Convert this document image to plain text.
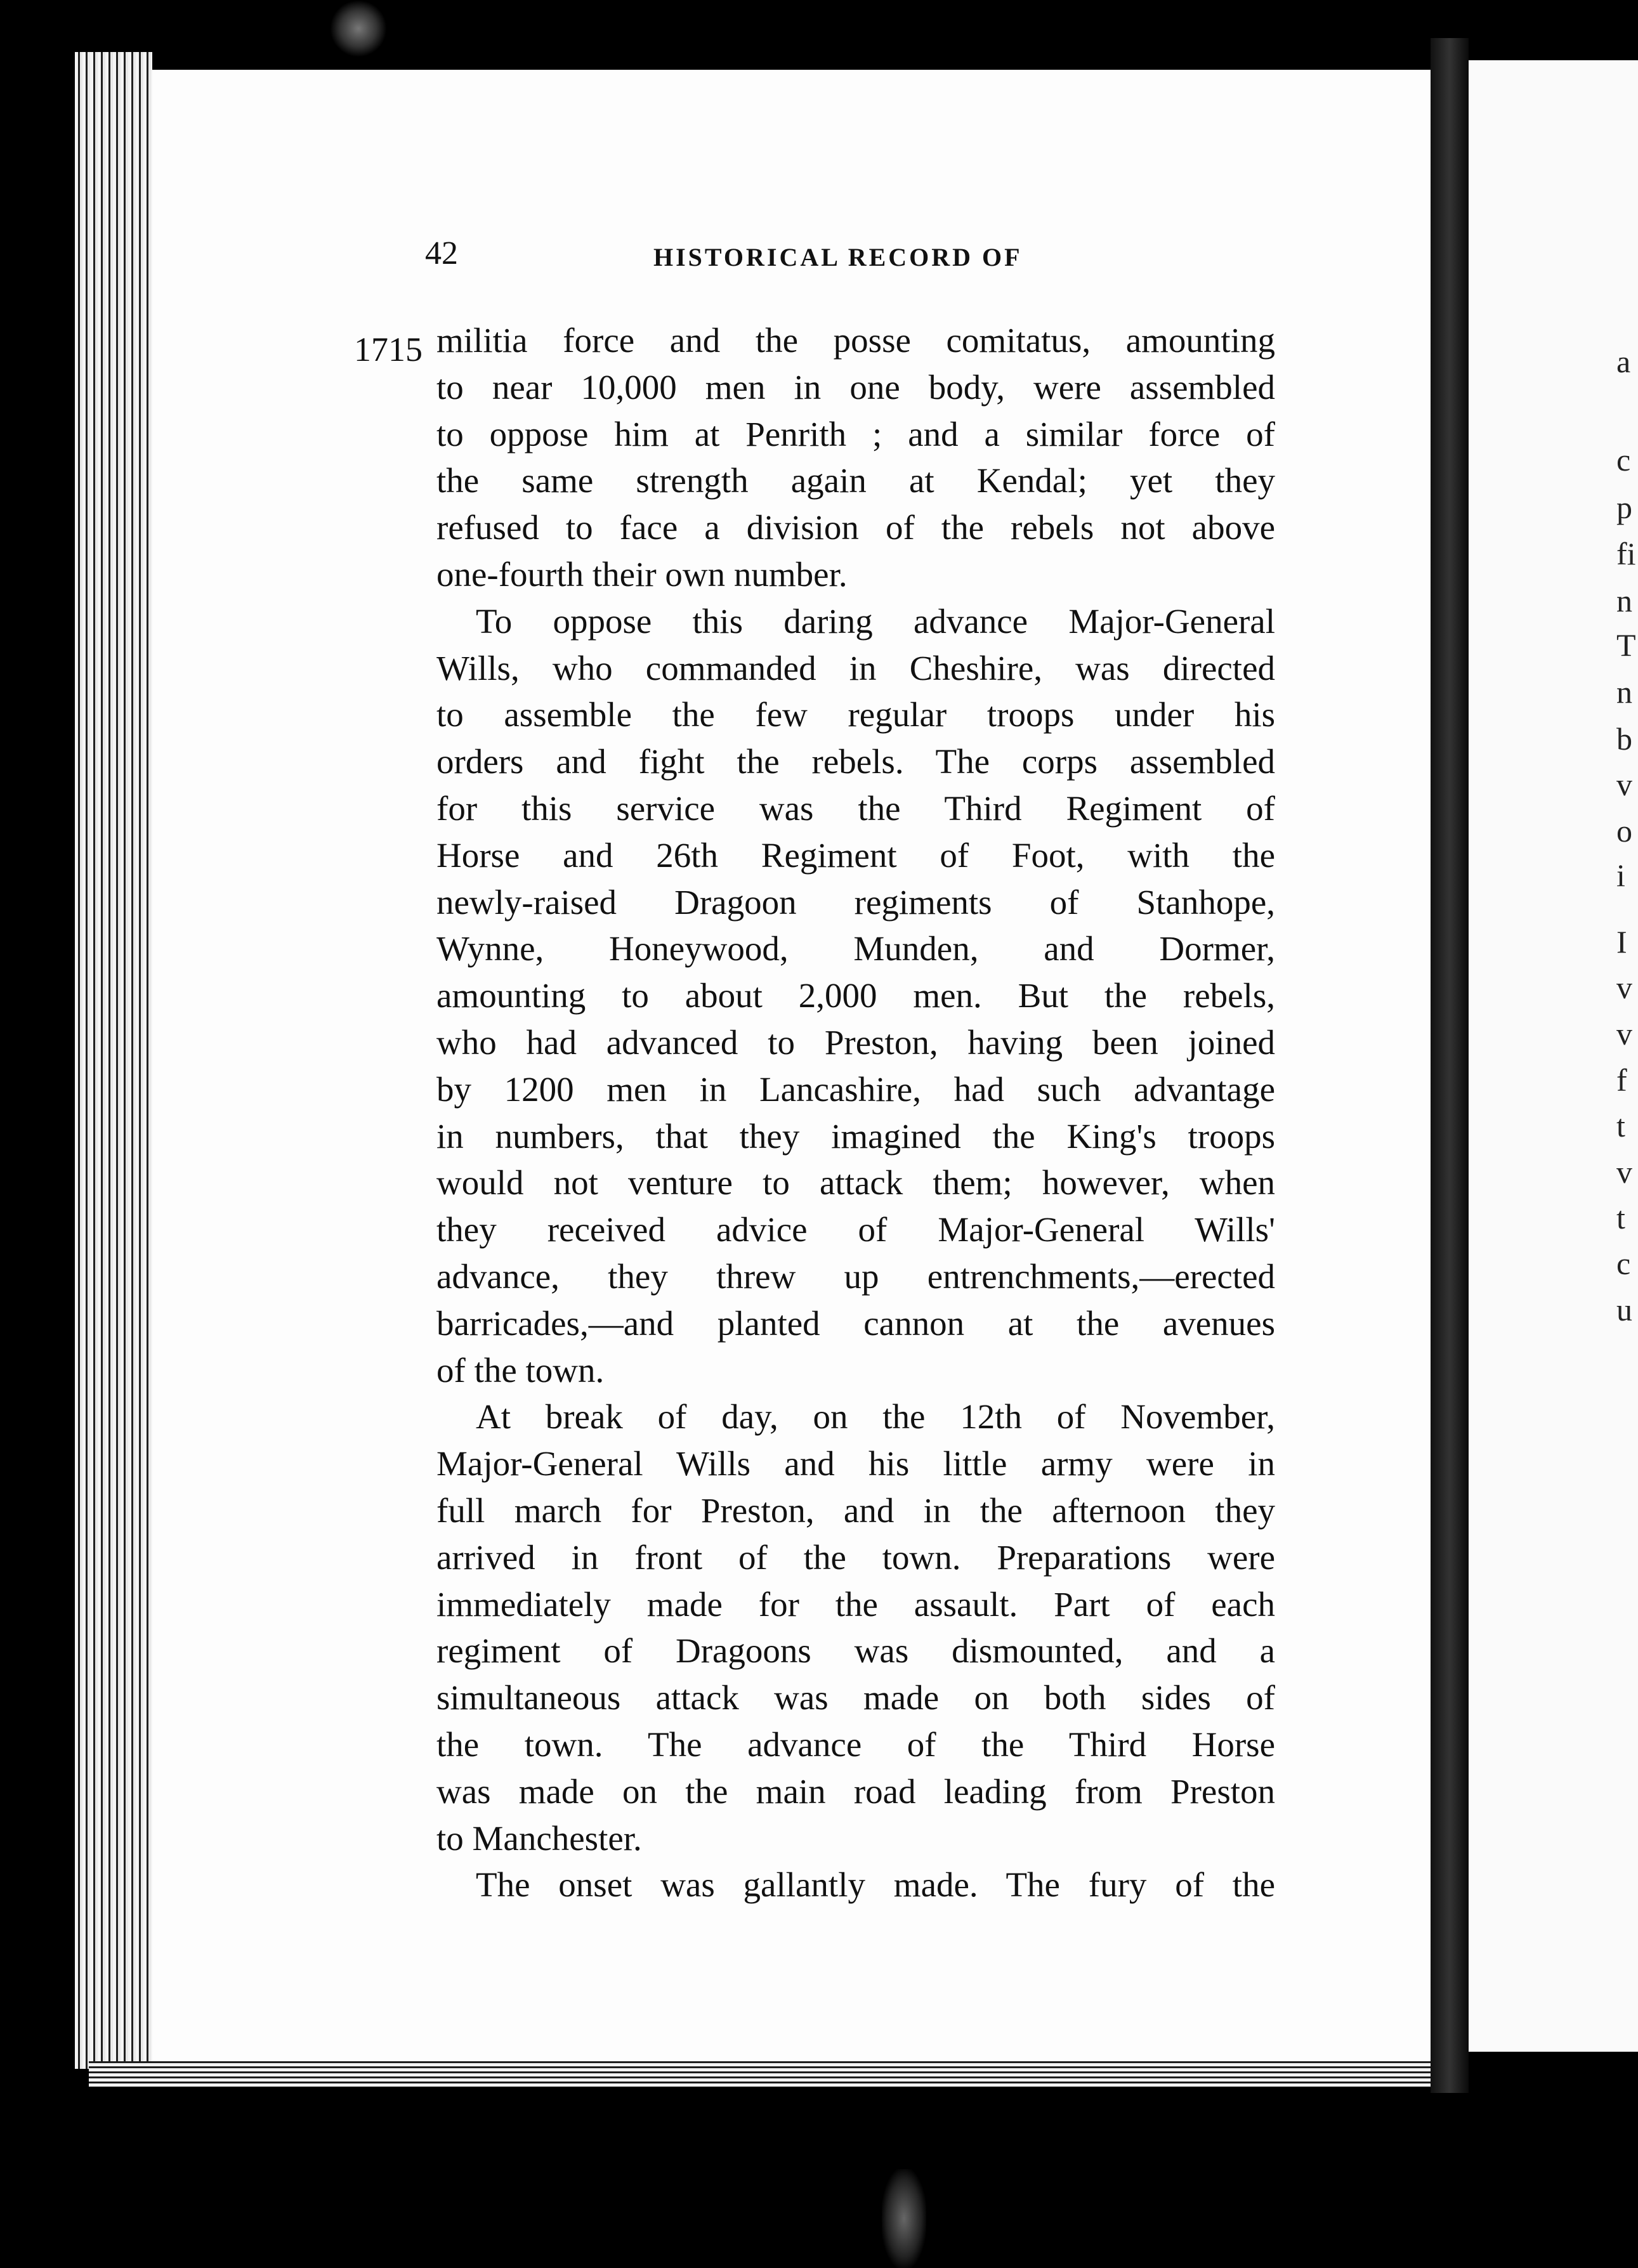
a
c
p
fi
n
T
n
b
v
o
i
I
v
v
f
t
v
t
c
u
42	HISTORICAL RECORD OF
1715 militia force and the posse comitatus, amounting
to near 10,000 men in one body, were assembled
to oppose him at Penrith ; and a similar force of
the same strength again at Kendal; yet they
refused to face a division of the rebels not above
one-fourth their own number.

To oppose this daring advance Major-General
Wills, who commanded in Cheshire, was directed
to assemble the few regular troops under his
orders and fight the rebels. The corps assembled
for this service was the Third Regiment of
Horse and 26th Regiment of Foot, with the
newly-raised Dragoon regiments of Stanhope,
Wynne, Honeywood, Munden, and Dormer,
amounting to about 2,000 men. But the rebels,
who had advanced to Preston, having been joined
by 1200 men in Lancashire, had such advantage
in numbers, that they imagined the King's troops
would not venture to attack them; however, when
they received advice of Major-General Wills'
advance, they threw up entrenchments,—erected
barricades,—and planted cannon at the avenues
of the town.

At break of day, on the 12th of November,
Major-General Wills and his little army were in
full march for Preston, and in the afternoon they
arrived in front of the town. Preparations were
immediately made for the assault. Part of each
regiment of Dragoons was dismounted, and a
simultaneous attack was made on both sides of
the town. The advance of the Third Horse
was made on the main road leading from Preston
to Manchester.

The onset was gallantly made. The fury of the
